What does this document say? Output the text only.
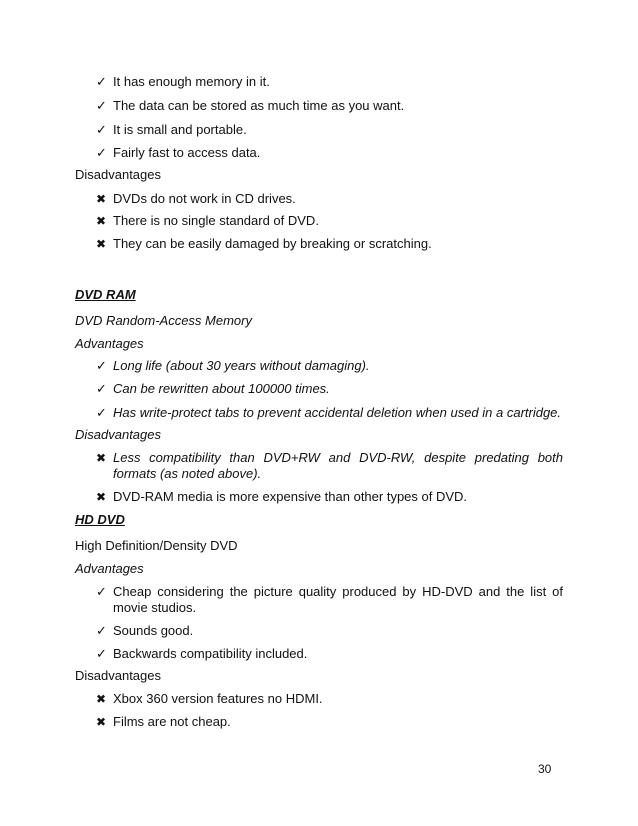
✓ It has enough memory in it.
✓ The data can be stored as much time as you want.
✓ It is small and portable.
✓ Fairly fast to access data.
Disadvantages
✖ DVDs do not work in CD drives.
✖ There is no single standard of DVD.
✖ They can be easily damaged by breaking or scratching.
DVD RAM
DVD Random-Access Memory
Advantages
✓ Long life (about 30 years without damaging).
✓ Can be rewritten about 100000 times.
✓ Has write-protect tabs to prevent accidental deletion when used in a cartridge.
Disadvantages
✖ Less compatibility than DVD+RW and DVD-RW, despite predating both formats (as noted above).
✖ DVD-RAM media is more expensive than other types of DVD.
HD DVD
High Definition/Density DVD
Advantages
✓ Cheap considering the picture quality produced by HD-DVD and the list of movie studios.
✓ Sounds good.
✓ Backwards compatibility included.
Disadvantages
✖ Xbox 360 version features no HDMI.
✖ Films are not cheap.
30
